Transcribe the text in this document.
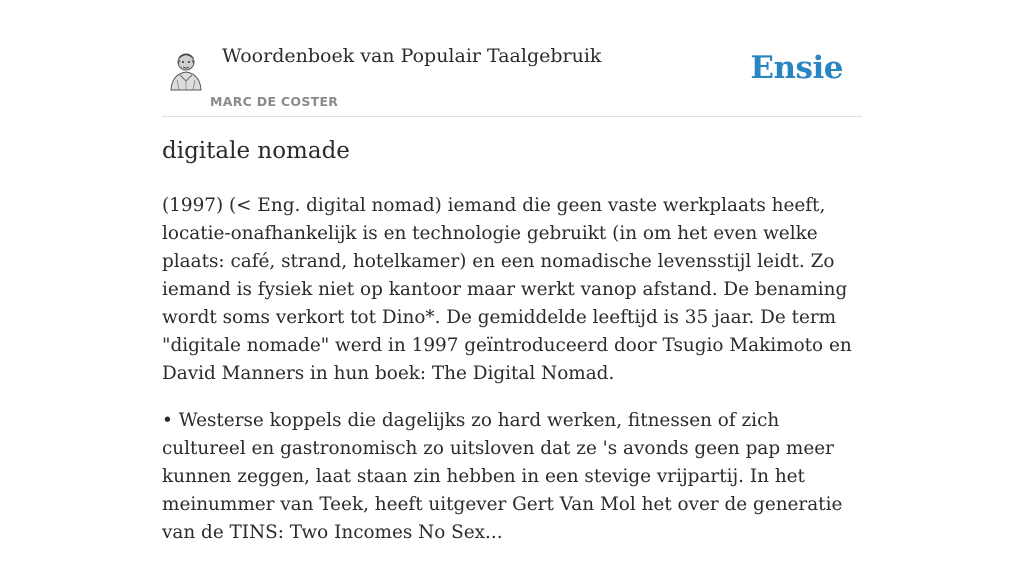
Woordenboek van Populair Taalgebruik
MARC DE COSTER
Ensie
digitale nomade

(1997) (< Eng. digital nomad) iemand die geen vaste werkplaats heeft, locatie-onafhankelijk is en technologie gebruikt (in om het even welke plaats: café, strand, hotelkamer) en een nomadische levensstijl leidt. Zo iemand is fysiek niet op kantoor maar werkt vanop afstand. De benaming wordt soms verkort tot Dino*. De gemiddelde leeftijd is 35 jaar. De term "digitale nomade" werd in 1997 geïntroduceerd door Tsugio Makimoto en David Manners in hun boek: The Digital Nomad.

• Westerse koppels die dagelijks zo hard werken, fitnessen of zich cultureel en gastronomisch zo uitsloven dat ze 's avonds geen pap meer kunnen zeggen, laat staan zin hebben in een stevige vrijpartij. In het meinummer van Teek, heeft uitgever Gert Van Mol het over de generatie van de TINS: Two Incomes No Sex...
